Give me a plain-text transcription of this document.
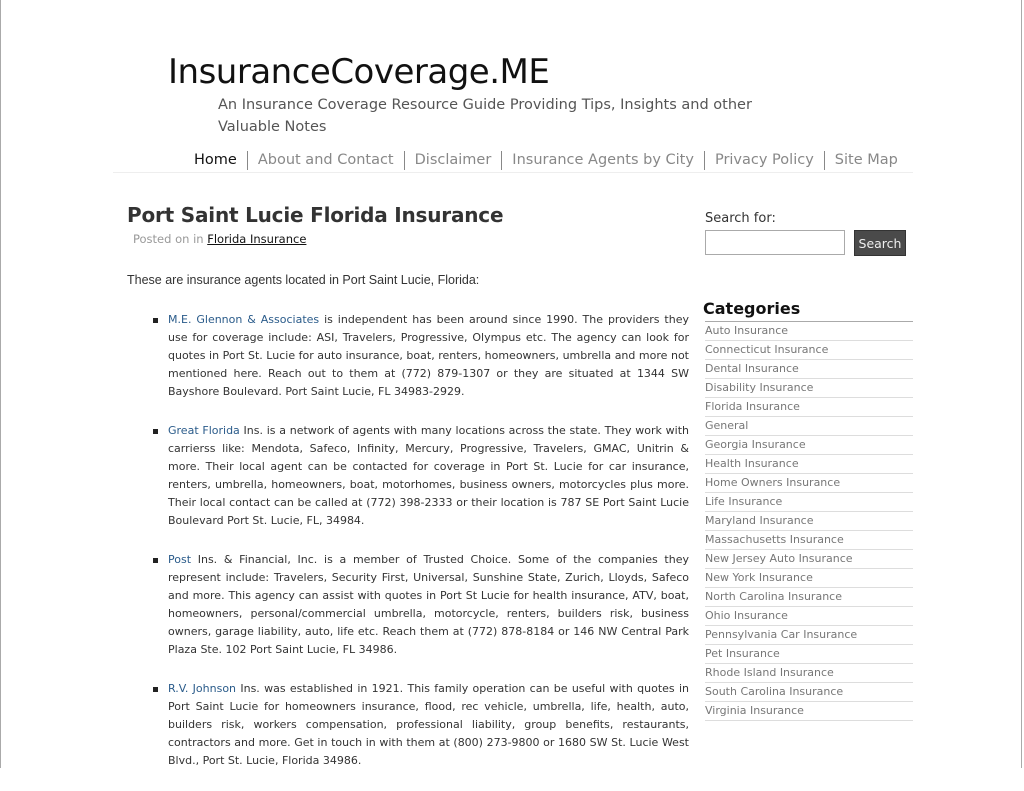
InsuranceCoverage.ME

An Insurance Coverage Resource Guide Providing Tips, Insights and other Valuable Notes

Home	About and Contact	Disclaimer	Insurance Agents by City	Privacy Policy	Site Map
Port Saint Lucie Florida Insurance
Posted on in Florida Insurance

These are insurance agents located in Port Saint Lucie, Florida:

M.E. Glennon & Associates is independent has been around since 1990. The providers they use for coverage include: ASI, Travelers, Progressive, Olympus etc. The agency can look for quotes in Port St. Lucie for auto insurance, boat, renters, homeowners, umbrella and more not mentioned here. Reach out to them at (772) 879-1307 or they are situated at 1344 SW Bayshore Boulevard. Port Saint Lucie, FL 34983-2929.
Great Florida Ins. is a network of agents with many locations across the state. They work with carrierss like: Mendota, Safeco, Infinity, Mercury, Progressive, Travelers, GMAC, Unitrin & more. Their local agent can be contacted for coverage in Port St. Lucie for car insurance, renters, umbrella, homeowners, boat, motorhomes, business owners, motorcycles plus more. Their local contact can be called at (772) 398-2333 or their location is 787 SE Port Saint Lucie Boulevard Port St. Lucie, FL, 34984.
Post Ins. & Financial, Inc. is a member of Trusted Choice. Some of the companies they represent include: Travelers, Security First, Universal, Sunshine State, Zurich, Lloyds, Safeco and more. This agency can assist with quotes in Port St Lucie for health insurance, ATV, boat, homeowners, personal/commercial umbrella, motorcycle, renters, builders risk, business owners, garage liability, auto, life etc. Reach them at (772) 878-8184 or 146 NW Central Park Plaza Ste. 102 Port Saint Lucie, FL 34986.
R.V. Johnson Ins. was established in 1921. This family operation can be useful with quotes in Port Saint Lucie for homeowners insurance, flood, rec vehicle, umbrella, life, health, auto, builders risk, workers compensation, professional liability, group benefits, restaurants, contractors and more. Get in touch in with them at (800) 273-9800 or 1680 SW St. Lucie West Blvd., Port St. Lucie, Florida 34986.
Search for:
Search
Categories
Auto Insurance
Connecticut Insurance
Dental Insurance
Disability Insurance
Florida Insurance
General
Georgia Insurance
Health Insurance
Home Owners Insurance
Life Insurance
Maryland Insurance
Massachusetts Insurance
New Jersey Auto Insurance
New York Insurance
North Carolina Insurance
Ohio Insurance
Pennsylvania Car Insurance
Pet Insurance
Rhode Island Insurance
South Carolina Insurance
Virginia Insurance
